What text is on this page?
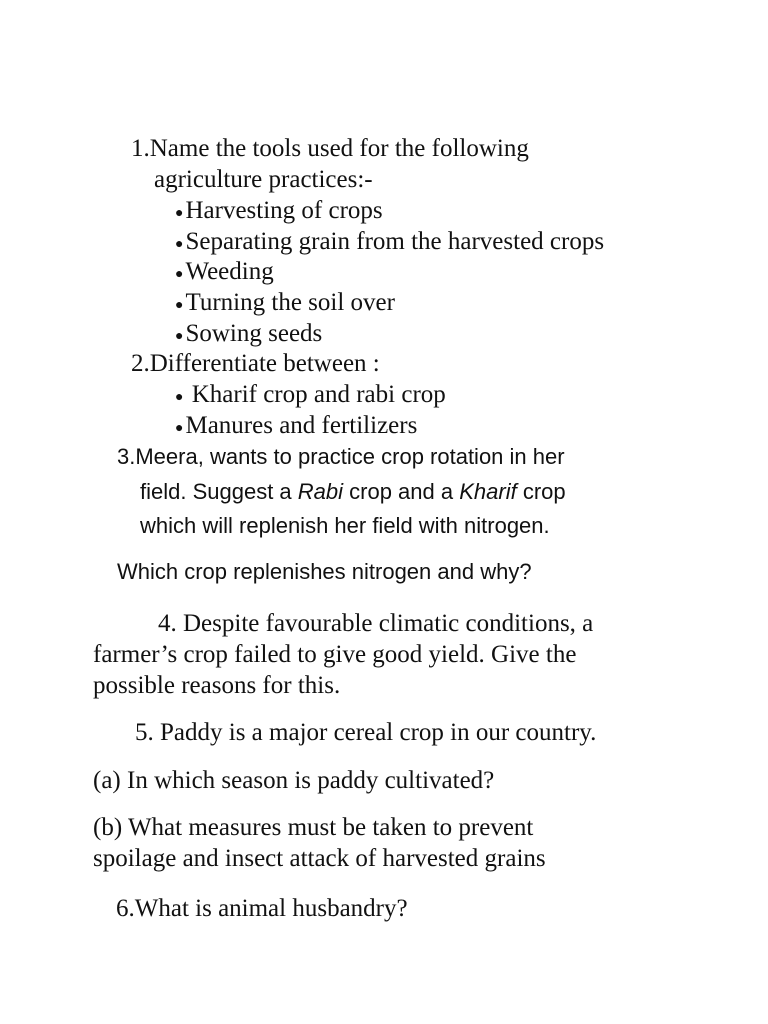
1.Name the tools used for the following
agriculture practices:-
●Harvesting of crops
●Separating grain from the harvested crops
●Weeding
●Turning the soil over
●Sowing seeds
2.Differentiate between :
● Kharif crop and rabi crop
●Manures and fertilizers
3.Meera, wants to practice crop rotation in her
field. Suggest a Rabi crop and a Kharif crop
which will replenish her field with nitrogen.
Which crop replenishes nitrogen and why?
4. Despite favourable climatic conditions, a
farmer’s crop failed to give good yield. Give the
possible reasons for this.
5. Paddy is a major cereal crop in our country.
(a) In which season is paddy cultivated?
(b) What measures must be taken to prevent
spoilage and insect attack of harvested grains
6.What is animal husbandry?
